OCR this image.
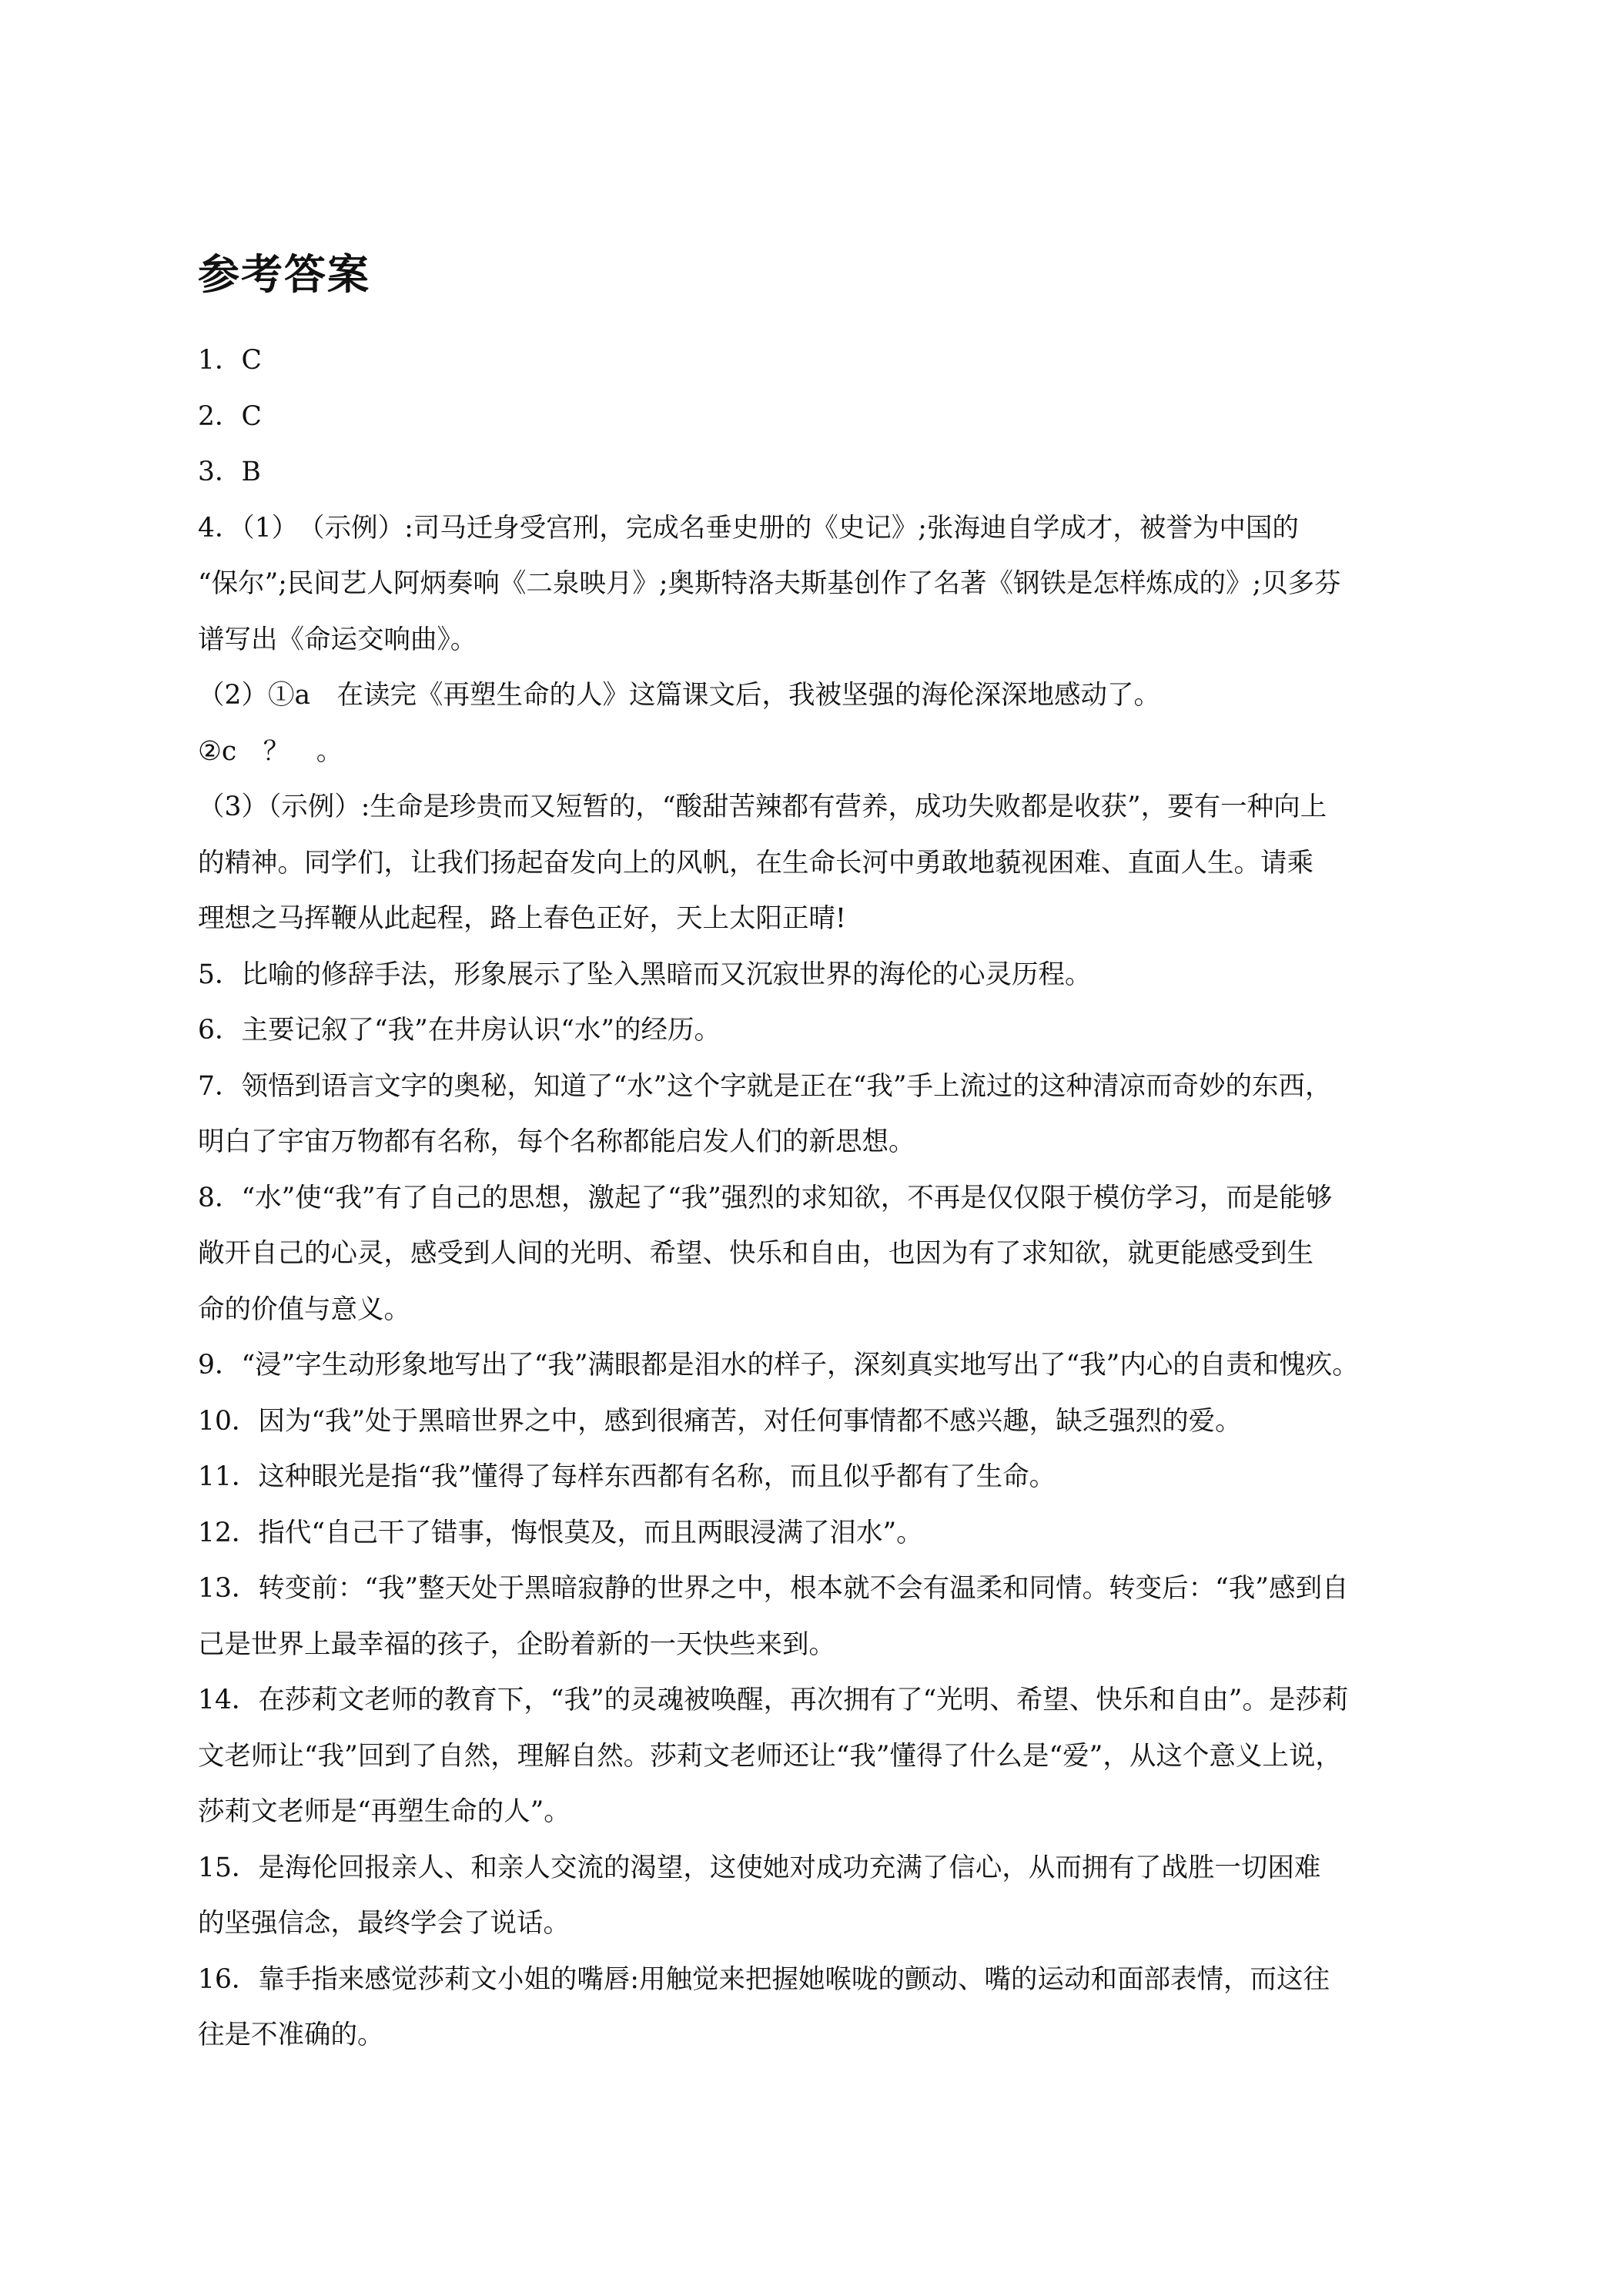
参考答案
1．C
2．C
3．B
4．（1）　（示例）:司马迁身受宫刑，完成名垂史册的《史记》;张海迪自学成才，被誉为中国的
“保尔”;民间艺人阿炳奏响《二泉映月》;奥斯特洛夫斯基创作了名著《钢铁是怎样炼成的》;贝多芬
谱写出《命运交响曲》。
（2）①a　在读完《再塑生命的人》这篇课文后，我被坚强的海伦深深地感动了。
②c　？　。
（3）（示例）:生命是珍贵而又短暂的，“酸甜苦辣都有营养，成功失败都是收获”，要有一种向上
的精神。同学们，让我们扬起奋发向上的风帆，在生命长河中勇敢地藐视困难、直面人生。请乘
理想之马挥鞭从此起程，路上春色正好，天上太阳正晴!
5．比喻的修辞手法，形象展示了坠入黑暗而又沉寂世界的海伦的心灵历程。
6．主要记叙了“我”在井房认识“水”的经历。
7．领悟到语言文字的奥秘，知道了“水”这个字就是正在“我”手上流过的这种清凉而奇妙的东西，
明白了宇宙万物都有名称，每个名称都能启发人们的新思想。
8．“水”使“我”有了自己的思想，激起了“我”强烈的求知欲，不再是仅仅限于模仿学习，而是能够
敞开自己的心灵，感受到人间的光明、希望、快乐和自由，也因为有了求知欲，就更能感受到生
命的价值与意义。
9．“浸”字生动形象地写出了“我”满眼都是泪水的样子，深刻真实地写出了“我”内心的自责和愧疚。
10．因为“我”处于黑暗世界之中，感到很痛苦，对任何事情都不感兴趣，缺乏强烈的爱。
11．这种眼光是指“我”懂得了每样东西都有名称，而且似乎都有了生命。
12．指代“自己干了错事，悔恨莫及，而且两眼浸满了泪水”。
13．转变前：“我”整天处于黑暗寂静的世界之中，根本就不会有温柔和同情。转变后：“我”感到自
己是世界上最幸福的孩子，企盼着新的一天快些来到。
14．在莎莉文老师的教育下，“我”的灵魂被唤醒，再次拥有了“光明、希望、快乐和自由”。是莎莉
文老师让“我”回到了自然，理解自然。莎莉文老师还让“我”懂得了什么是“爱”，从这个意义上说，
莎莉文老师是“再塑生命的人”。
15．是海伦回报亲人、和亲人交流的渴望，这使她对成功充满了信心，从而拥有了战胜一切困难
的坚强信念，最终学会了说话。
16．靠手指来感觉莎莉文小姐的嘴唇:用触觉来把握她喉咙的颤动、嘴的运动和面部表情，而这往
往是不准确的。
